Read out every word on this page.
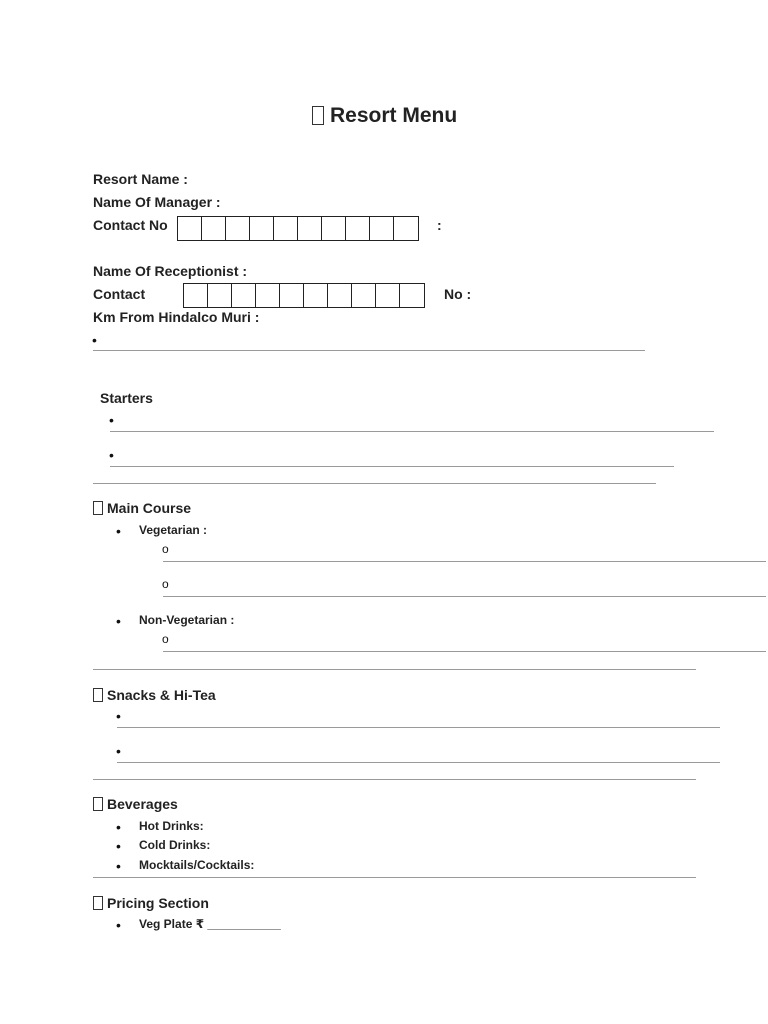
Resort Menu
Resort Name :
Name Of Manager :
Contact No	:
Name Of Receptionist :
Contact	No :
Km From Hindalco Muri :
•
Starters
•
•
Main Course
• Vegetarian :
o
o
• Non-Vegetarian :
o
Snacks & Hi-Tea
•
•
Beverages
• Hot Drinks:
• Cold Drinks:
• Mocktails/Cocktails:
Pricing Section
• Veg Plate ₹ ___________
